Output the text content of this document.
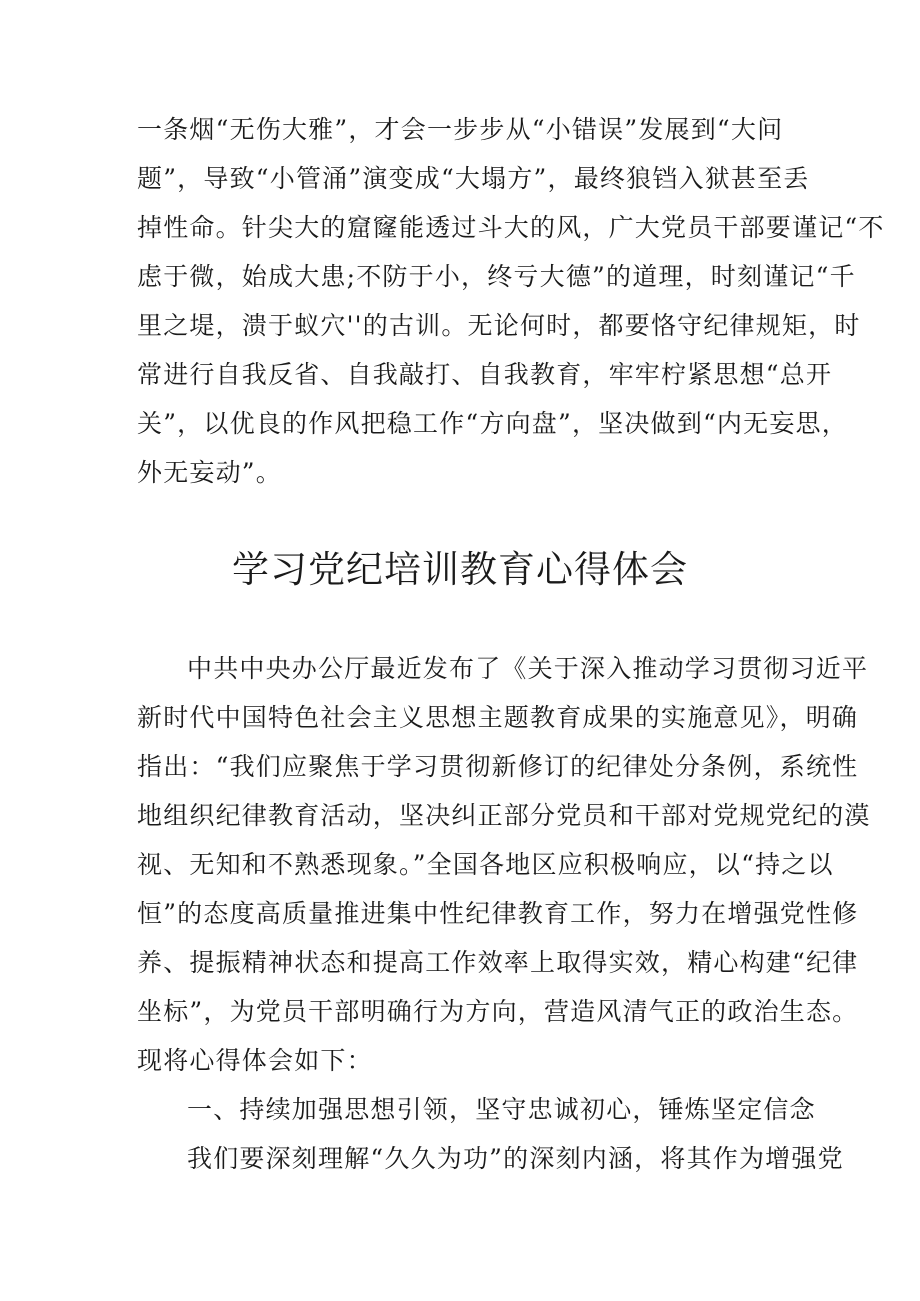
一条烟“无伤大雅”，才会一步步从“小错误”发展到“大问
题”，导致“小管涌”演变成“大塌方”，最终狼铛入狱甚至丢
掉性命。针尖大的窟窿能透过斗大的风，广大党员干部要谨记“不
虑于微，始成大患;不防于小，终亏大德”的道理，时刻谨记“千
里之堤，溃于蚁穴''的古训。无论何时，都要恪守纪律规矩，时
常进行自我反省、自我敲打、自我教育，牢牢柠紧思想“总开
关”，以优良的作风把稳工作“方向盘”，坚决做到“内无妄思，
外无妄动”。
学习党纪培训教育心得体会
中共中央办公厅最近发布了《关于深入推动学习贯彻习近平
新时代中国特色社会主义思想主题教育成果的实施意见》，明确
指出：“我们应聚焦于学习贯彻新修订的纪律处分条例，系统性
地组织纪律教育活动，坚决纠正部分党员和干部对党规党纪的漠
视、无知和不熟悉现象。”全国各地区应积极响应，以“持之以
恒”的态度高质量推进集中性纪律教育工作，努力在增强党性修
养、提振精神状态和提高工作效率上取得实效，精心构建“纪律
坐标”，为党员干部明确行为方向，营造风清气正的政治生态。
现将心得体会如下：
一、持续加强思想引领，坚守忠诚初心，锤炼坚定信念
我们要深刻理解“久久为功”的深刻内涵，将其作为增强党
